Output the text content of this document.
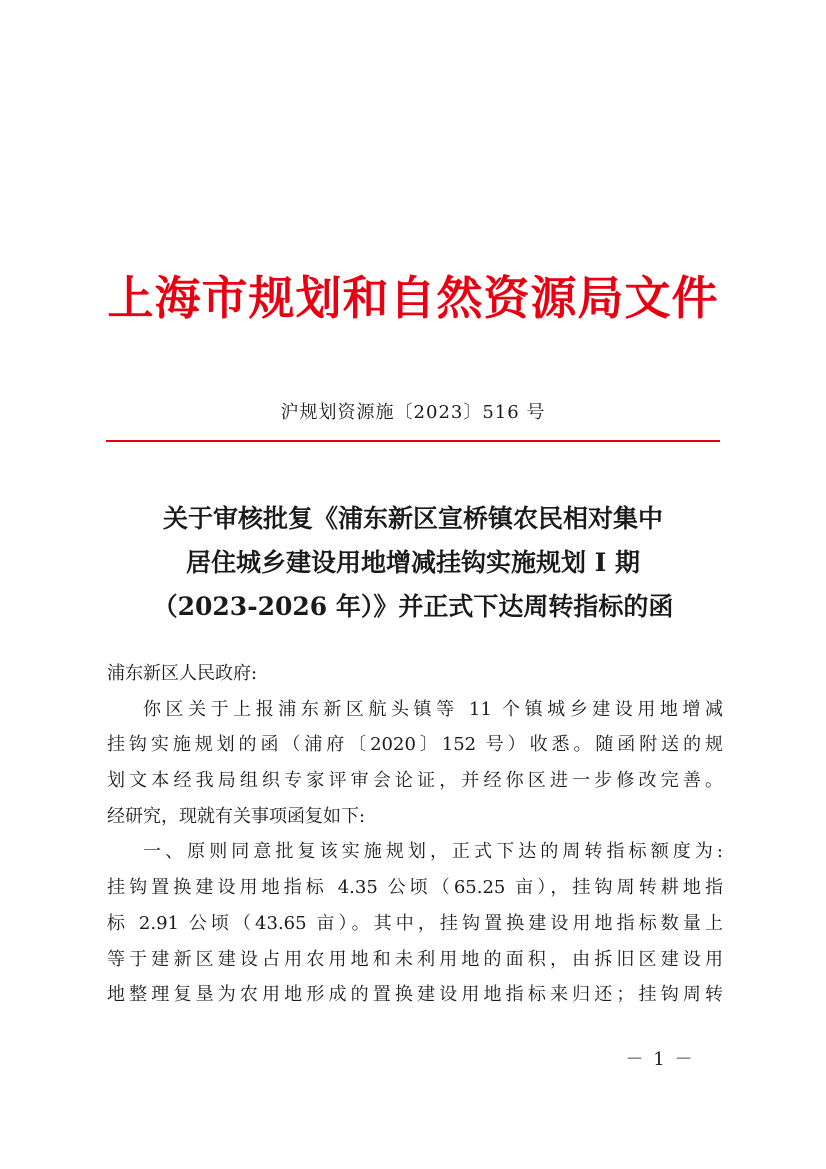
上海市规划和自然资源局文件
沪规划资源施〔2023〕516 号
关于审核批复《浦东新区宣桥镇农民相对集中
居住城乡建设用地增减挂钩实施规划 I 期
（2023-2026 年）》并正式下达周转指标的函
浦东新区人民政府:
你区关于上报浦东新区航头镇等 11 个镇城乡建设用地增减
挂钩实施规划的函（浦府〔2020〕152 号）收悉。随函附送的规
划文本经我局组织专家评审会论证，并经你区进一步修改完善。
经研究，现就有关事项函复如下:
一、原则同意批复该实施规划，正式下达的周转指标额度为:
挂钩置换建设用地指标 4.35 公顷（65.25 亩），挂钩周转耕地指
标 2.91 公顷（43.65 亩）。其中，挂钩置换建设用地指标数量上
等于建新区建设占用农用地和未利用地的面积，由拆旧区建设用
地整理复垦为农用地形成的置换建设用地指标来归还；挂钩周转
－ 1 －
